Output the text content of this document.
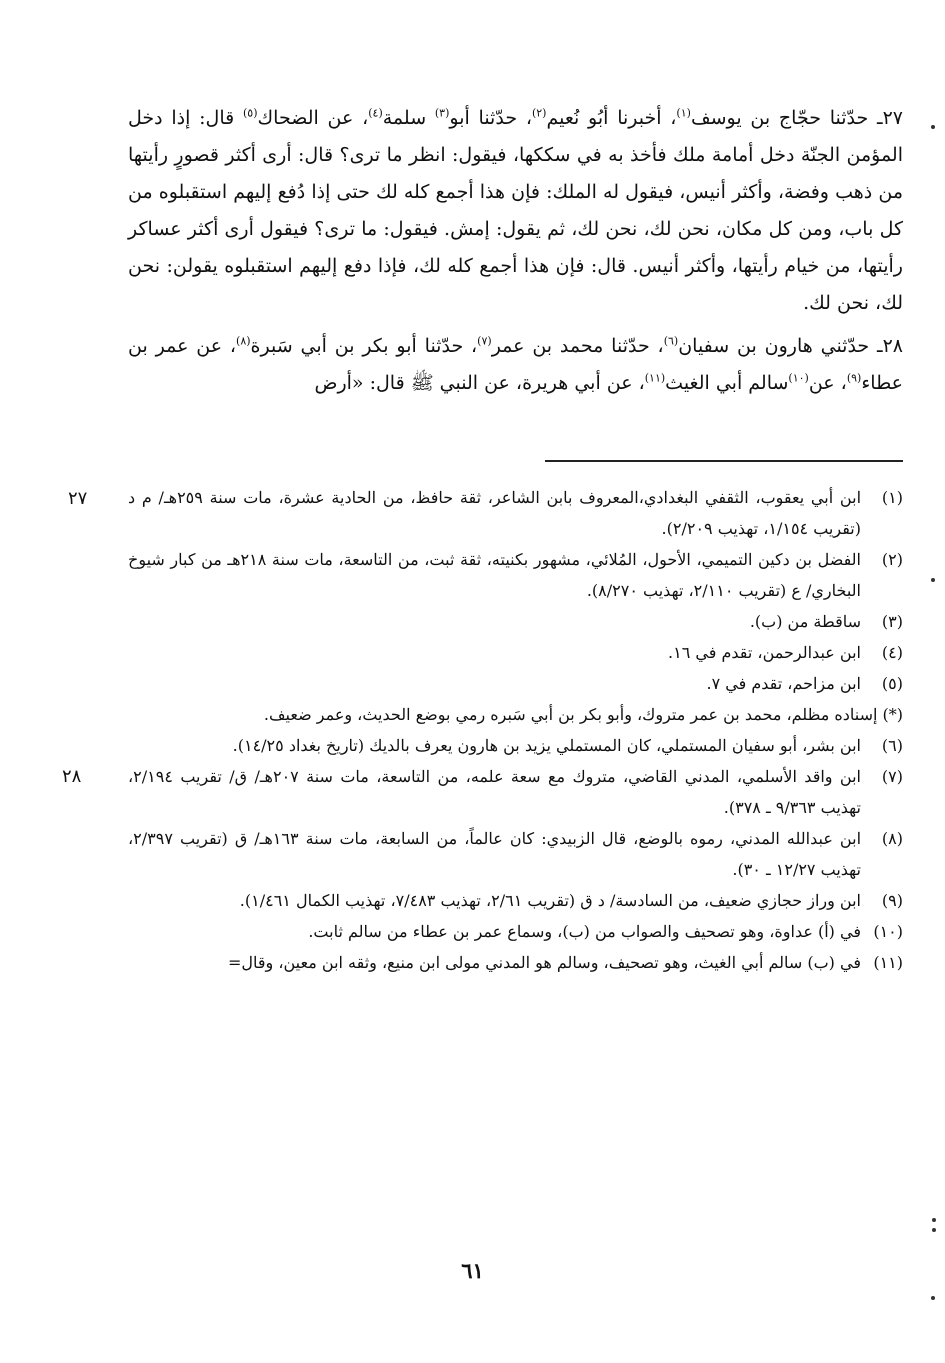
٢٧ـ حدّثنا حجّاج بن يوسف$^{(١)}$، أخبرنا أبُو نُعيم$^{(٢)}$، حدّثنا أبو$^{(٣)}$ سلمة$^{(٤)}$، عن الضحاك$^{(٥)}$ قال: إذا دخل المؤمن الجنّة دخل أمامة ملك فأخذ به في سككها، فيقول: انظر ما ترى؟ قال: أرى أكثر قصورٍ رأيتها من ذهب وفضة، وأكثر أنيس، فيقول له الملك: فإن هذا أجمع كله لك حتى إذا دُفع إليهم استقبلوه من كل باب، ومن كل مكان، نحن لك، نحن لك، ثم يقول: إمش. فيقول: ما ترى؟ فيقول أرى أكثر عساكر رأيتها، من خيام رأيتها، وأكثر أنيس. قال: فإن هذا أجمع كله لك، فإذا دفع إليهم استقبلوه يقولن: نحن لك، نحن لك.

٢٨ـ حدّثني هارون بن سفيان$^{(٦)}$، حدّثنا محمد بن عمر$^{(٧)}$، حدّثنا أبو بكر بن أبي سَبرة$^{(٨)}$، عن عمر بن عطاء$^{(٩)}$، عن$^{(١٠)}$سالم أبي الغيث$^{(١١)}$، عن أبي هريرة، عن النبي ﷺ قال: «أرض

(١)
ابن أبي يعقوب، الثقفي البغدادي،المعروف بابن الشاعر، ثقة حافظ، من الحادية عشرة، مات سنة ٢٥٩هـ/ م د (تقريب ١/١٥٤، تهذيب ٢/٢٠٩).

(٢)
الفضل بن دكين التميمي، الأحول، المُلائي، مشهور بكنيته، ثقة ثبت، من التاسعة، مات سنة ٢١٨هـ من كبار شيوخ البخاري/ ع (تقريب ٢/١١٠، تهذيب ٨/٢٧٠).

(٣)
ساقطة من (ب).

(٤)
ابن عبدالرحمن، تقدم في ١٦.

(٥)
ابن مزاحم، تقدم في ٧.

(*) إسناده مظلم، محمد بن عمر متروك، وأبو بكر بن أبي سَبره رمي بوضع الحديث، وعمر ضعيف.

(٦)
ابن بشر، أبو سفيان المستملي، كان المستملي يزيد بن هارون يعرف بالديك (تاريخ بغداد ١٤/٢٥).

(٧)
ابن واقد الأسلمي، المدني القاضي، متروك مع سعة علمه، من التاسعة، مات سنة ٢٠٧هـ/ ق/ تقريب ٢/١٩٤، تهذيب ٩/٣٦٣ ـ ٣٧٨).

(٨)
ابن عبدالله المدني، رموه بالوضع، قال الزبيدي: كان عالماً، من السابعة، مات سنة ١٦٣هـ/ ق (تقريب ٢/٣٩٧، تهذيب ١٢/٢٧ ـ ٣٠).

(٩)
ابن وراز حجازي ضعيف، من السادسة/ د ق (تقريب ٢/٦١، تهذيب ٧/٤٨٣، تهذيب الكمال ١/٤٦١).

(١٠)
في (أ) عداوة، وهو تصحيف والصواب من (ب)، وسماع عمر بن عطاء من سالم ثابت.

(١١)
في (ب) سالم أبي الغيث، وهو تصحيف، وسالم هو المدني مولى ابن منيع، وثقه ابن معين، وقال=

٢٧
٢٨
٦١
